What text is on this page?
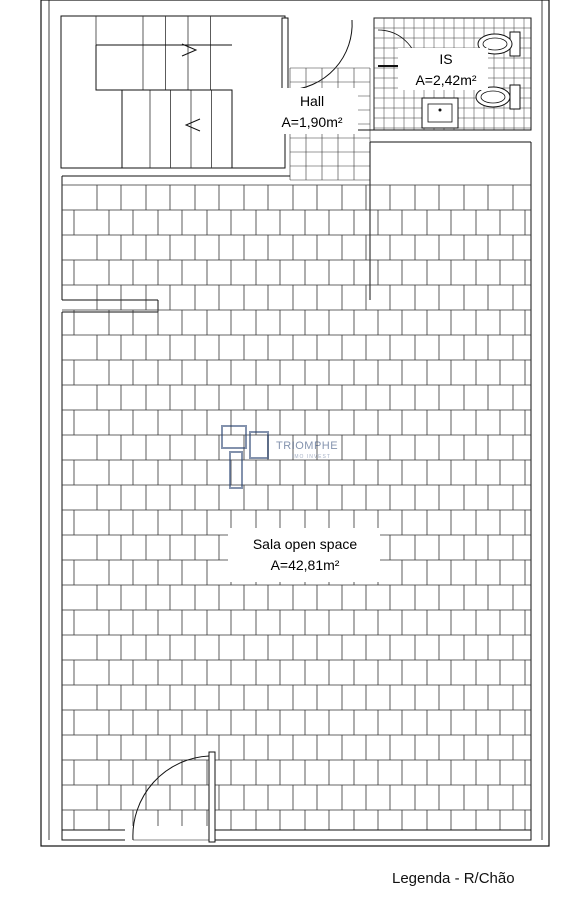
Hall
A=1,90m²
IS
A=2,42m²
Sala open space
A=42,81m²
TRIOMPHE
IMO INVEST
Legenda - R/Chão
